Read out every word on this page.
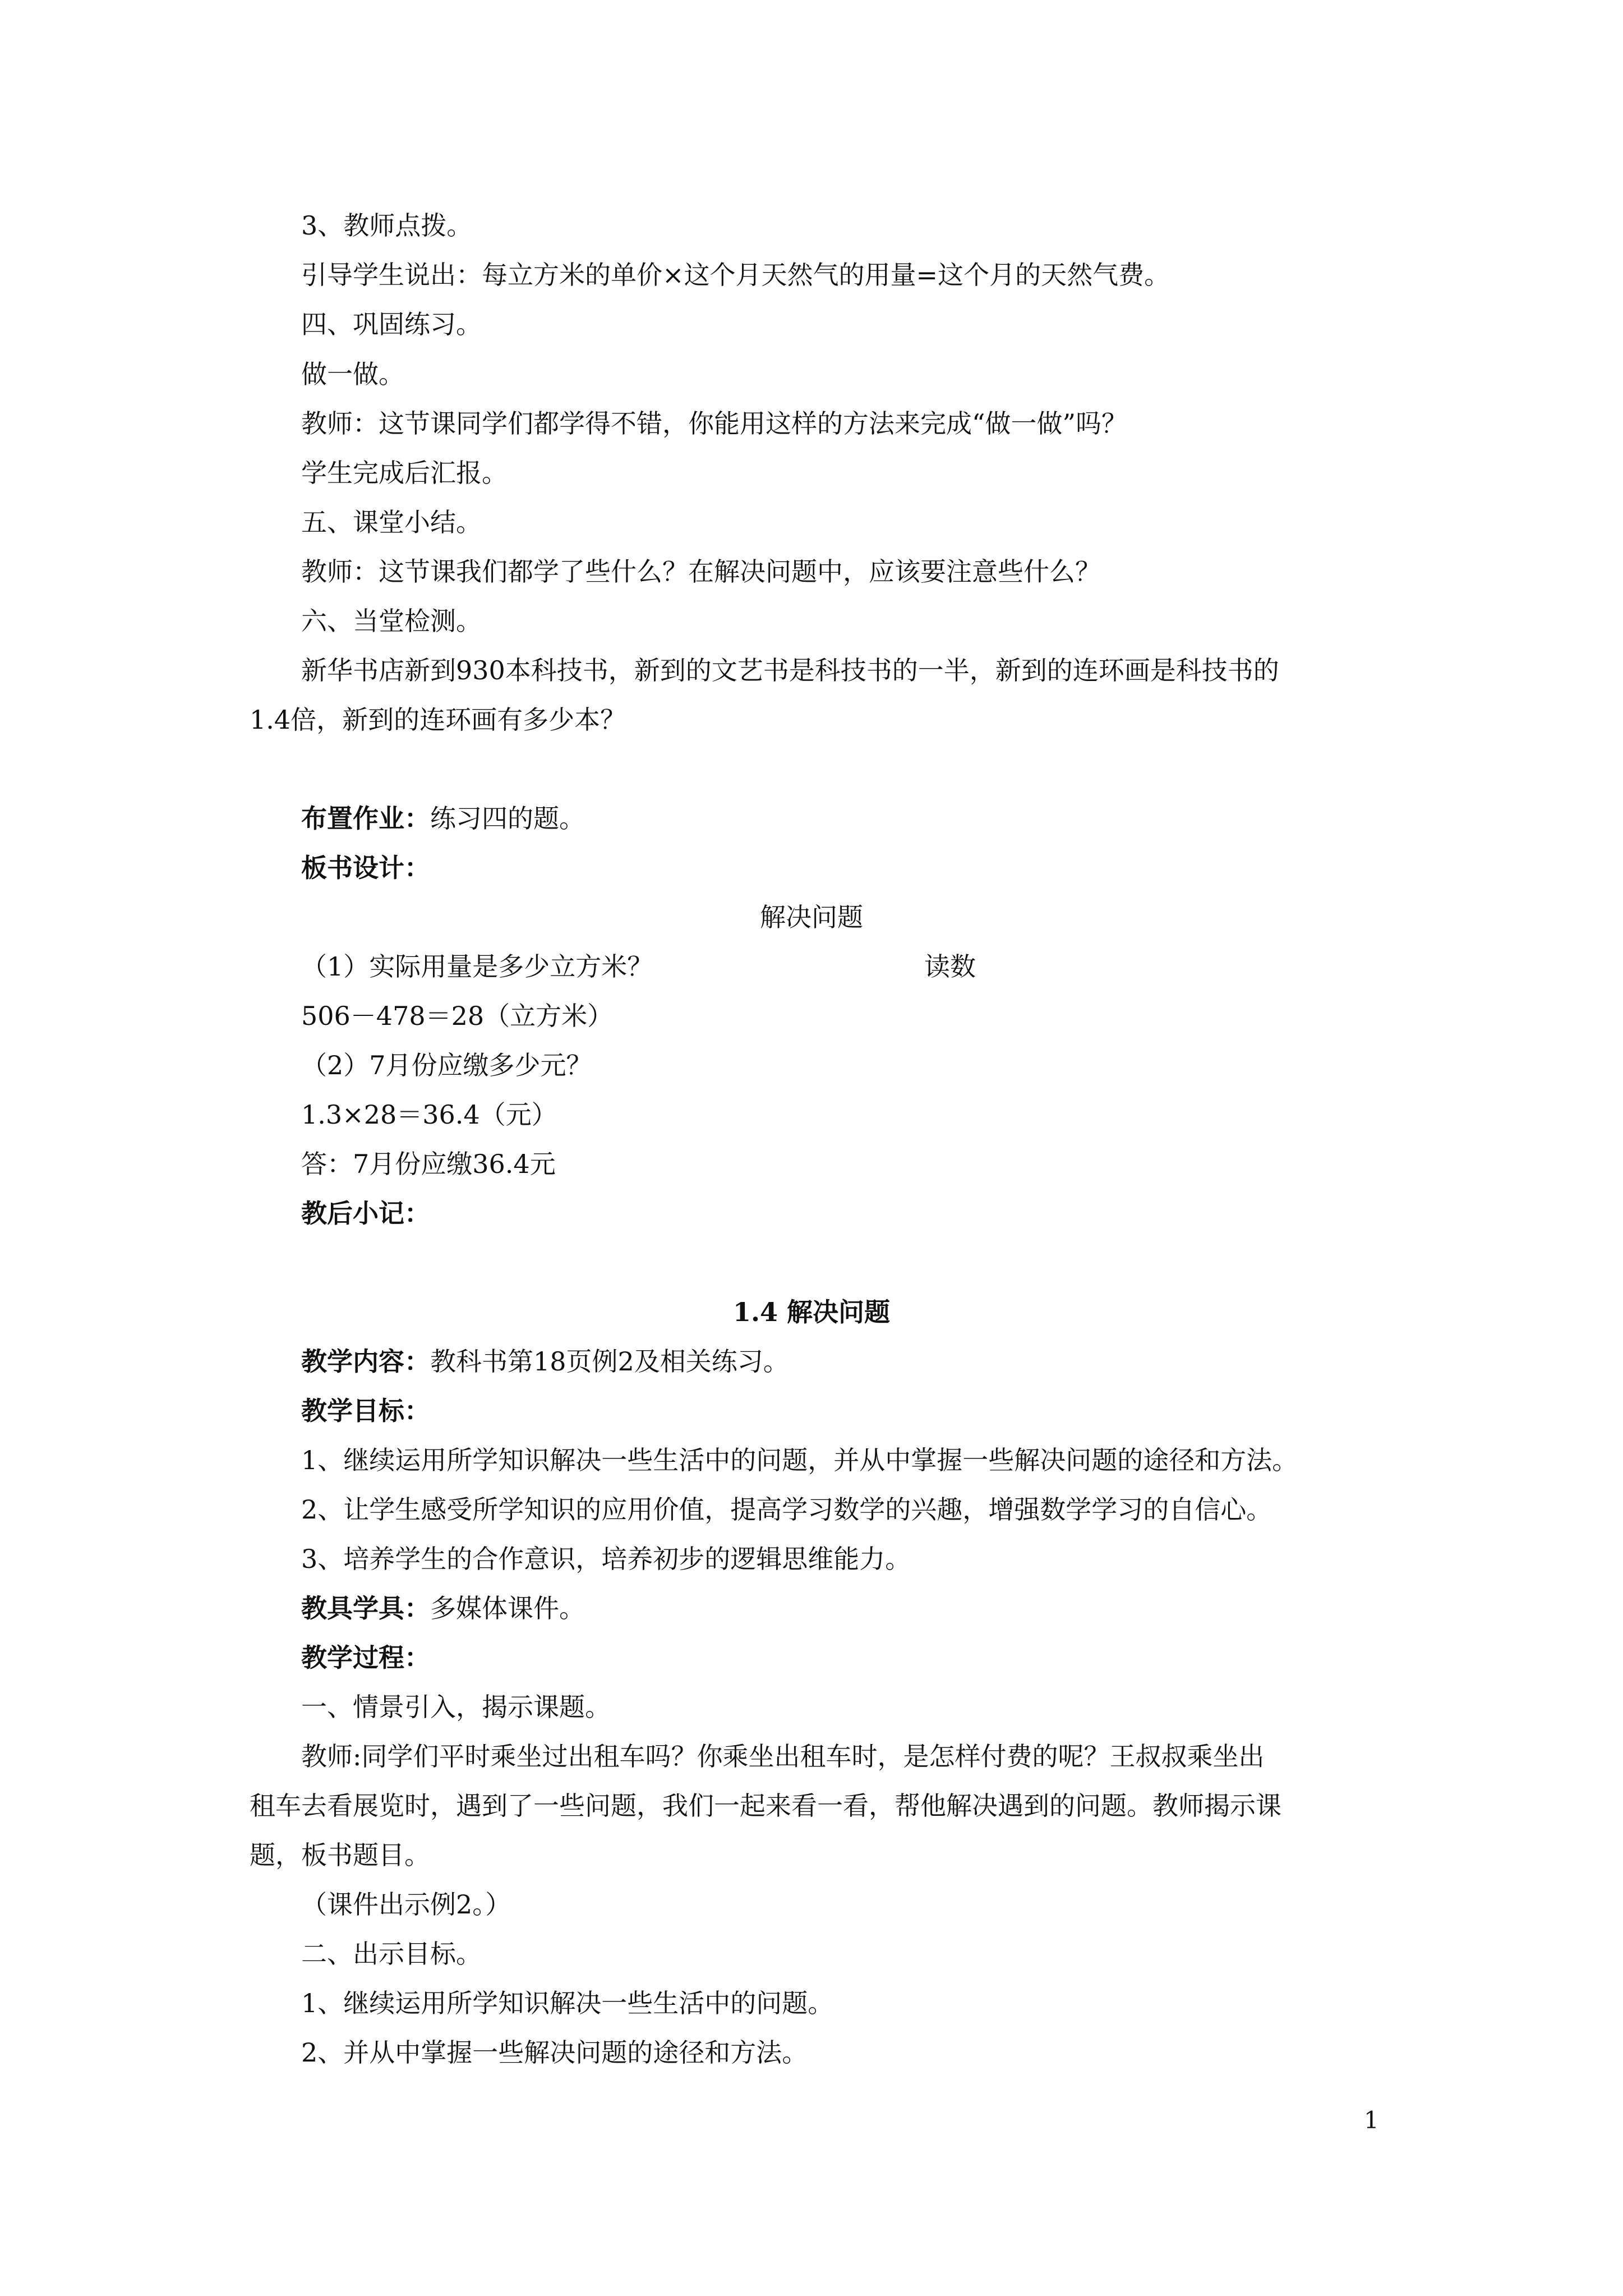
3、教师点拨。

引导学生说出：每立方米的单价×这个月天然气的用量=这个月的天然气费。

四、巩固练习。

做一做。

教师：这节课同学们都学得不错，你能用这样的方法来完成“做一做”吗？

学生完成后汇报。

五、课堂小结。

教师：这节课我们都学了些什么？在解决问题中，应该要注意些什么？

六、当堂检测。

新华书店新到930本科技书，新到的文艺书是科技书的一半，新到的连环画是科技书的

1.4倍，新到的连环画有多少本？

布置作业：练习四的题。

板书设计：

解决问题

（1）实际用量是多少立方米？	读数

506－478＝28（立方米）

（2）7月份应缴多少元？

1.3×28＝36.4（元）

答：7月份应缴36.4元

教后小记：

1.4 解决问题

教学内容：教科书第18页例2及相关练习。

教学目标：

1、继续运用所学知识解决一些生活中的问题，并从中掌握一些解决问题的途径和方法。

2、让学生感受所学知识的应用价值，提高学习数学的兴趣，增强数学学习的自信心。

3、培养学生的合作意识，培养初步的逻辑思维能力。

教具学具：多媒体课件。

教学过程：

一、情景引入，揭示课题。

教师:同学们平时乘坐过出租车吗？你乘坐出租车时，是怎样付费的呢？王叔叔乘坐出

租车去看展览时，遇到了一些问题，我们一起来看一看，帮他解决遇到的问题。教师揭示课

题，板书题目。

（课件出示例2。）

二、出示目标。

1、继续运用所学知识解决一些生活中的问题。

2、并从中掌握一些解决问题的途径和方法。

1
